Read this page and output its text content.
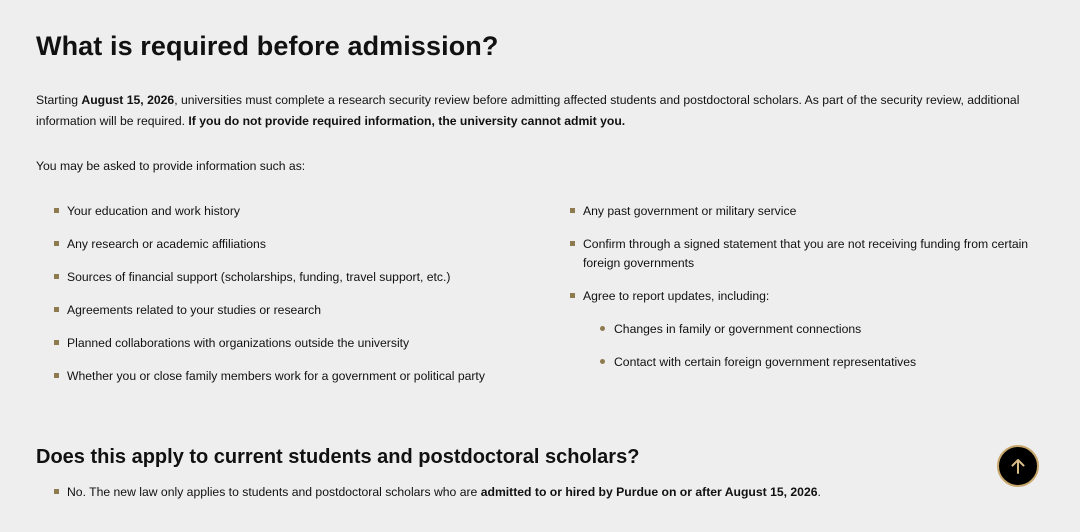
What is required before admission?

Starting August 15, 2026, universities must complete a research security review before admitting affected students and postdoctoral scholars. As part of the security review, additional information will be required. If you do not provide required information, the university cannot admit you.

You may be asked to provide information such as:

Your education and work history
Any research or academic affiliations
Sources of financial support (scholarships, funding, travel support, etc.)
Agreements related to your studies or research
Planned collaborations with organizations outside the university
Whether you or close family members work for a government or political party
Any past government or military service
Confirm through a signed statement that you are not receiving funding from certain foreign governments
Agree to report updates, including:
Changes in family or government connections
Contact with certain foreign government representatives
Does this apply to current students and postdoctoral scholars?
No. The new law only applies to students and postdoctoral scholars who are admitted to or hired by Purdue on or after August 15, 2026.
